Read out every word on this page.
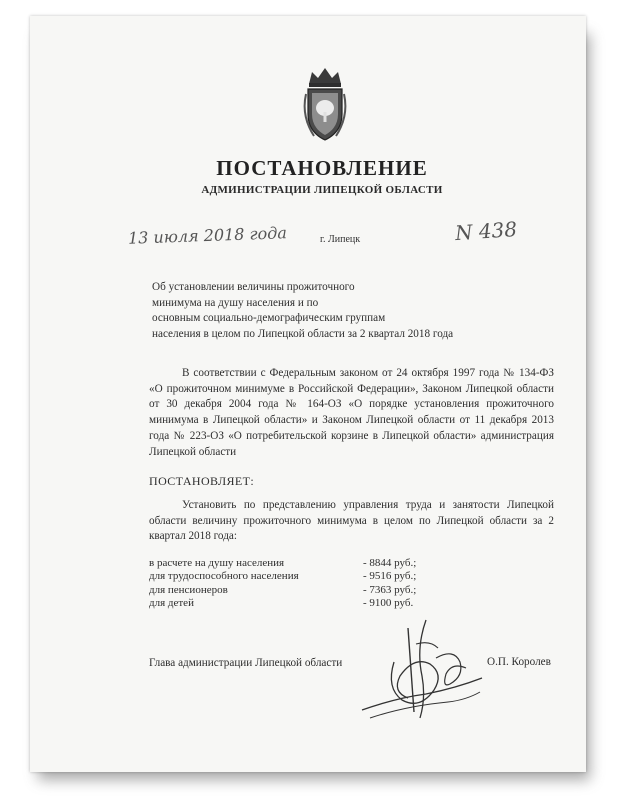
ПОСТАНОВЛЕНИЕ
АДМИНИСТРАЦИИ ЛИПЕЦКОЙ ОБЛАСТИ
13 июля 2018 года	г. Липецк	N 438
Об установлении величины прожиточного
минимума на душу населения и по
основным социально-демографическим группам
населения в целом по Липецкой области за 2 квартал 2018 года
В соответствии с Федеральным законом от 24 октября 1997 года № 134-ФЗ «О прожиточном минимуме в Российской Федерации», Законом Липецкой области от 30 декабря 2004 года № 164-ОЗ «О порядке установления прожиточного минимума в Липецкой области» и Законом Липецкой области от 11 декабря 2013 года № 223-ОЗ «О потребительской корзине в Липецкой области» администрация Липецкой области
ПОСТАНОВЛЯЕТ:
Установить по представлению управления труда и занятости Липецкой области величину прожиточного минимума в целом по Липецкой области за 2 квартал 2018 года:
в расчете на душу населения	- 8844 руб.;
для трудоспособного населения	- 9516 руб.;
для пенсионеров	- 7363 руб.;
для детей	- 9100 руб.
Глава администрации Липецкой области	О.П. Королев
